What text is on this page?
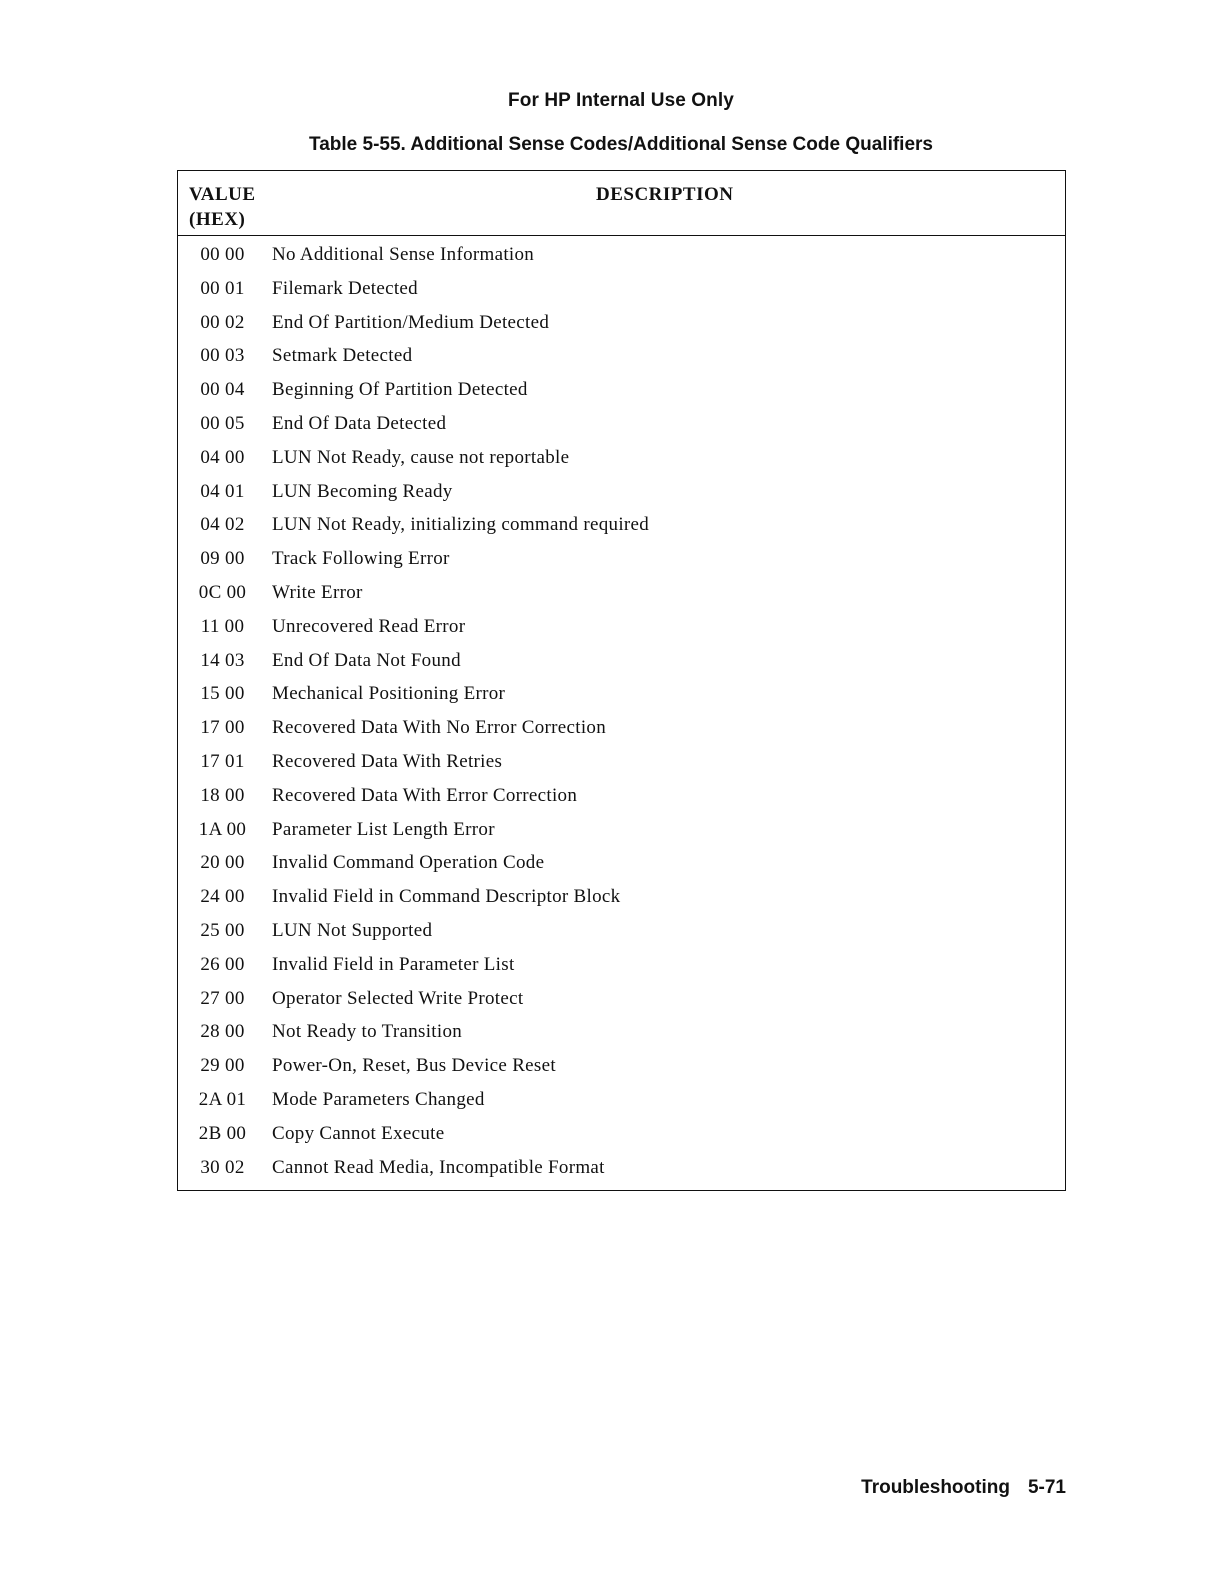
For HP Internal Use Only
Table 5-55. Additional Sense Codes/Additional Sense Code Qualifiers
VALUE
(HEX)
DESCRIPTION
00 00	No Additional Sense Information
00 01	Filemark Detected
00 02	End Of Partition/Medium Detected
00 03	Setmark Detected
00 04	Beginning Of Partition Detected
00 05	End Of Data Detected
04 00	LUN Not Ready, cause not reportable
04 01	LUN Becoming Ready
04 02	LUN Not Ready, initializing command required
09 00	Track Following Error
0C 00	Write Error
11 00	Unrecovered Read Error
14 03	End Of Data Not Found
15 00	Mechanical Positioning Error
17 00	Recovered Data With No Error Correction
17 01	Recovered Data With Retries
18 00	Recovered Data With Error Correction
1A 00	Parameter List Length Error
20 00	Invalid Command Operation Code
24 00	Invalid Field in Command Descriptor Block
25 00	LUN Not Supported
26 00	Invalid Field in Parameter List
27 00	Operator Selected Write Protect
28 00	Not Ready to Transition
29 00	Power-On, Reset, Bus Device Reset
2A 01	Mode Parameters Changed
2B 00	Copy Cannot Execute
30 02	Cannot Read Media, Incompatible Format
Troubleshooting 5-71
